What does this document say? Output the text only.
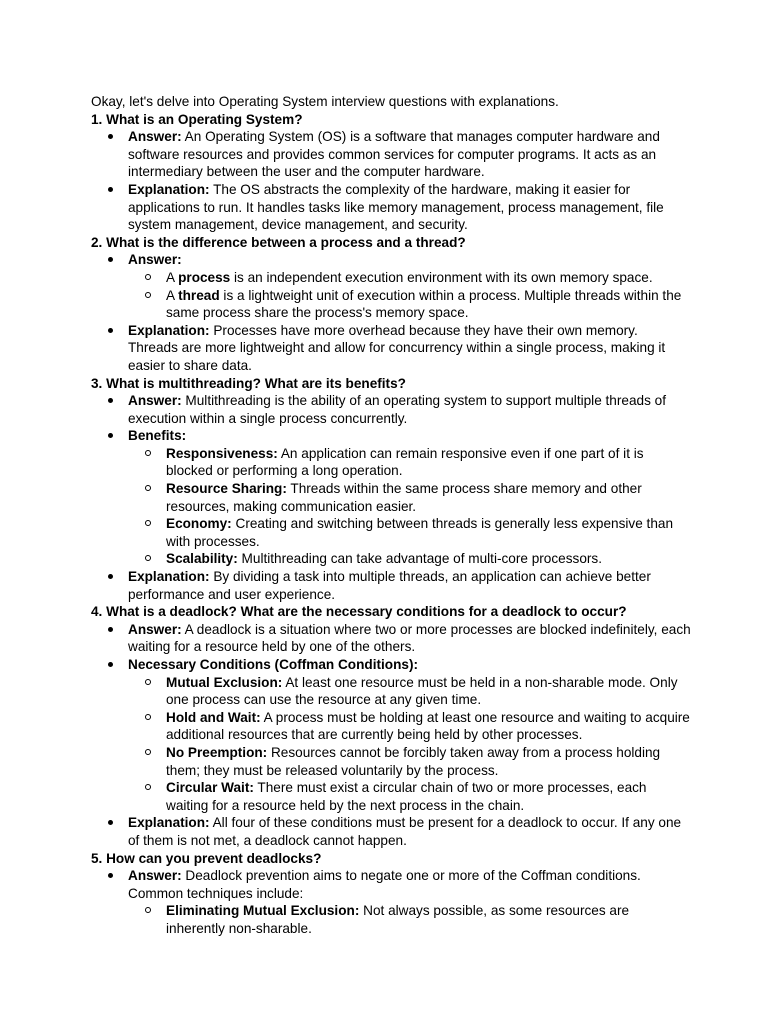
Okay, let's delve into Operating System interview questions with explanations.

1. What is an Operating System?

Answer: An Operating System (OS) is a software that manages computer hardware and software resources and provides common services for computer programs. It acts as an intermediary between the user and the computer hardware.
Explanation: The OS abstracts the complexity of the hardware, making it easier for applications to run. It handles tasks like memory management, process management, file system management, device management, and security.

2. What is the difference between a process and a thread?

Answer:
A process is an independent execution environment with its own memory space.
A thread is a lightweight unit of execution within a process. Multiple threads within the same process share the process's memory space.
Explanation: Processes have more overhead because they have their own memory. Threads are more lightweight and allow for concurrency within a single process, making it easier to share data.

3. What is multithreading? What are its benefits?

Answer: Multithreading is the ability of an operating system to support multiple threads of execution within a single process concurrently.
Benefits:
Responsiveness: An application can remain responsive even if one part of it is blocked or performing a long operation.
Resource Sharing: Threads within the same process share memory and other resources, making communication easier.
Economy: Creating and switching between threads is generally less expensive than with processes.
Scalability: Multithreading can take advantage of multi-core processors.
Explanation: By dividing a task into multiple threads, an application can achieve better performance and user experience.

4. What is a deadlock? What are the necessary conditions for a deadlock to occur?

Answer: A deadlock is a situation where two or more processes are blocked indefinitely, each waiting for a resource held by one of the others.
Necessary Conditions (Coffman Conditions):
Mutual Exclusion: At least one resource must be held in a non-sharable mode. Only one process can use the resource at any given time.
Hold and Wait: A process must be holding at least one resource and waiting to acquire additional resources that are currently being held by other processes.
No Preemption: Resources cannot be forcibly taken away from a process holding them; they must be released voluntarily by the process.
Circular Wait: There must exist a circular chain of two or more processes, each waiting for a resource held by the next process in the chain.
Explanation: All four of these conditions must be present for a deadlock to occur. If any one of them is not met, a deadlock cannot happen.

5. How can you prevent deadlocks?

Answer: Deadlock prevention aims to negate one or more of the Coffman conditions. Common techniques include:
Eliminating Mutual Exclusion: Not always possible, as some resources are inherently non-sharable.
